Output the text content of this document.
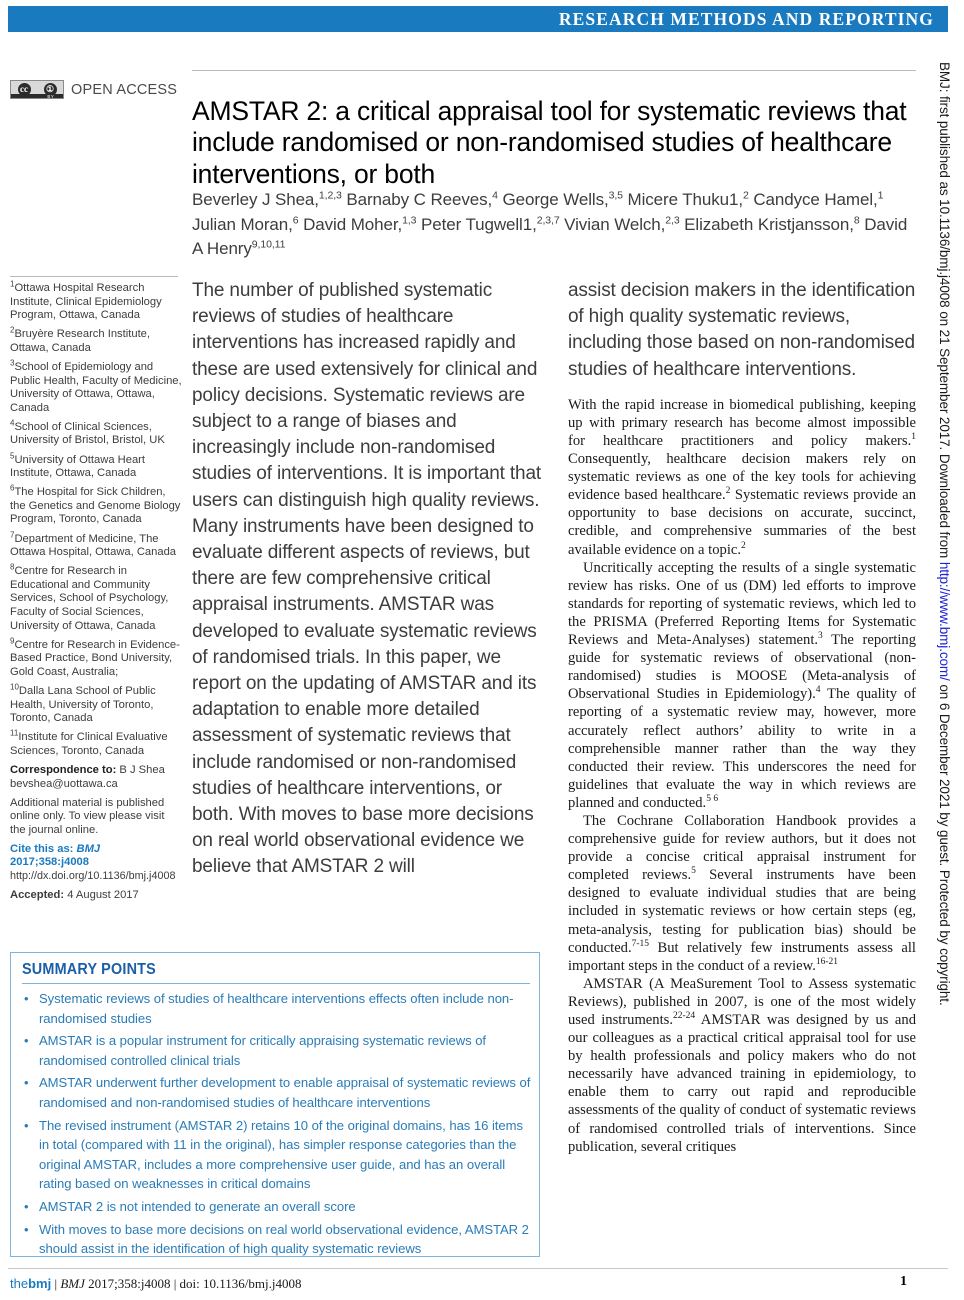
RESEARCH METHODS AND REPORTING
cc ①
BY OPEN ACCESS
AMSTAR 2: a critical appraisal tool for systematic reviews that include randomised or non-randomised studies of healthcare interventions, or both
Beverley J Shea,$^{1,2,3}$ Barnaby C Reeves,$^4$ George Wells,$^{3,5}$ Micere Thuku1,$^2$ Candyce Hamel,$^1$ Julian Moran,$^6$ David Moher,$^{1,3}$ Peter Tugwell1,$^{2,3,7}$ Vivian Welch,$^{2,3}$ Elizabeth Kristjansson,$^8$ David A Henry$^{9,10,11}$

$^1$Ottawa Hospital Research Institute, Clinical Epidemiology Program, Ottawa, Canada

$^2$Bruyère Research Institute, Ottawa, Canada

$^3$School of Epidemiology and Public Health, Faculty of Medicine, University of Ottawa, Ottawa, Canada

$^4$School of Clinical Sciences, University of Bristol, Bristol, UK

$^5$University of Ottawa Heart Institute, Ottawa, Canada

$^6$The Hospital for Sick Children, the Genetics and Genome Biology Program, Toronto, Canada

$^7$Department of Medicine, The Ottawa Hospital, Ottawa, Canada

$^8$Centre for Research in Educational and Community Services, School of Psychology, Faculty of Social Sciences, University of Ottawa, Canada

$^9$Centre for Research in Evidence-Based Practice, Bond University, Gold Coast, Australia;

$^{10}$Dalla Lana School of Public Health, University of Toronto, Toronto, Canada

$^{11}$Institute for Clinical Evaluative Sciences, Toronto, Canada

Correspondence to: B J Shea
bevshea@uottawa.ca

Additional material is published online only. To view please visit the journal online.

Cite this as: BMJ 2017;358:j4008
http://dx.doi.org/10.1136/bmj.j4008

Accepted: 4 August 2017

The number of published systematic reviews of studies of healthcare interventions has increased rapidly and these are used extensively for clinical and policy decisions. Systematic reviews are subject to a range of biases and increasingly include non-randomised studies of interventions. It is important that users can distinguish high quality reviews. Many instruments have been designed to evaluate different aspects of reviews, but there are few comprehensive critical appraisal instruments. AMSTAR was developed to evaluate systematic reviews of randomised trials. In this paper, we report on the updating of AMSTAR and its adaptation to enable more detailed assessment of systematic reviews that include randomised or non-randomised studies of healthcare interventions, or both. With moves to base more decisions on real world observational evidence we believe that AMSTAR 2 will

assist decision makers in the identification of high quality systematic reviews, including those based on non-randomised studies of healthcare interventions.

With the rapid increase in biomedical publishing, keeping up with primary research has become almost impossible for healthcare practitioners and policy makers.$^1$ Consequently, healthcare decision makers rely on systematic reviews as one of the key tools for achieving evidence based healthcare.$^2$ Systematic reviews provide an opportunity to base decisions on accurate, succinct, credible, and comprehensive summaries of the best available evidence on a topic.$^2$

Uncritically accepting the results of a single systematic review has risks. One of us (DM) led efforts to improve standards for reporting of systematic reviews, which led to the PRISMA (Preferred Reporting Items for Systematic Reviews and Meta-Analyses) statement.$^3$ The reporting guide for systematic reviews of observational (non-randomised) studies is MOOSE (Meta-analysis of Observational Studies in Epidemiology).$^4$ The quality of reporting of a systematic review may, however, more accurately reflect authors’ ability to write in a comprehensible manner rather than the way they conducted their review. This underscores the need for guidelines that evaluate the way in which reviews are planned and conducted.$^{5 6}$

The Cochrane Collaboration Handbook provides a comprehensive guide for review authors, but it does not provide a concise critical appraisal instrument for completed reviews.$^5$ Several instruments have been designed to evaluate individual studies that are being included in systematic reviews or how certain steps (eg, meta-analysis, testing for publication bias) should be conducted.$^{7-15}$ But relatively few instruments assess all important steps in the conduct of a review.$^{16-21}$

AMSTAR (A MeaSurement Tool to Assess systematic Reviews), published in 2007, is one of the most widely used instruments.$^{22-24}$ AMSTAR was designed by us and our colleagues as a practical critical appraisal tool for use by health professionals and policy makers who do not necessarily have advanced training in epidemiology, to enable them to carry out rapid and reproducible assessments of the quality of conduct of systematic reviews of randomised controlled trials of interventions. Since publication, several critiques

SUMMARY POINTS
• Systematic reviews of studies of healthcare interventions effects often include non-randomised studies
• AMSTAR is a popular instrument for critically appraising systematic reviews of randomised controlled clinical trials
• AMSTAR underwent further development to enable appraisal of systematic reviews of randomised and non-randomised studies of healthcare interventions
• The revised instrument (AMSTAR 2) retains 10 of the original domains, has 16 items in total (compared with 11 in the original), has simpler response categories than the original AMSTAR, includes a more comprehensive user guide, and has an overall rating based on weaknesses in critical domains
• AMSTAR 2 is not intended to generate an overall score
• With moves to base more decisions on real world observational evidence, AMSTAR 2 should assist in the identification of high quality systematic reviews
thebmj | BMJ 2017;358:j4008 | doi: 10.1136/bmj.j4008	1
BMJ: first published as 10.1136/bmj.j4008 on 21 September 2017. Downloaded from http://www.bmj.com/ on 6 December 2021 by guest. Protected by copyright.
